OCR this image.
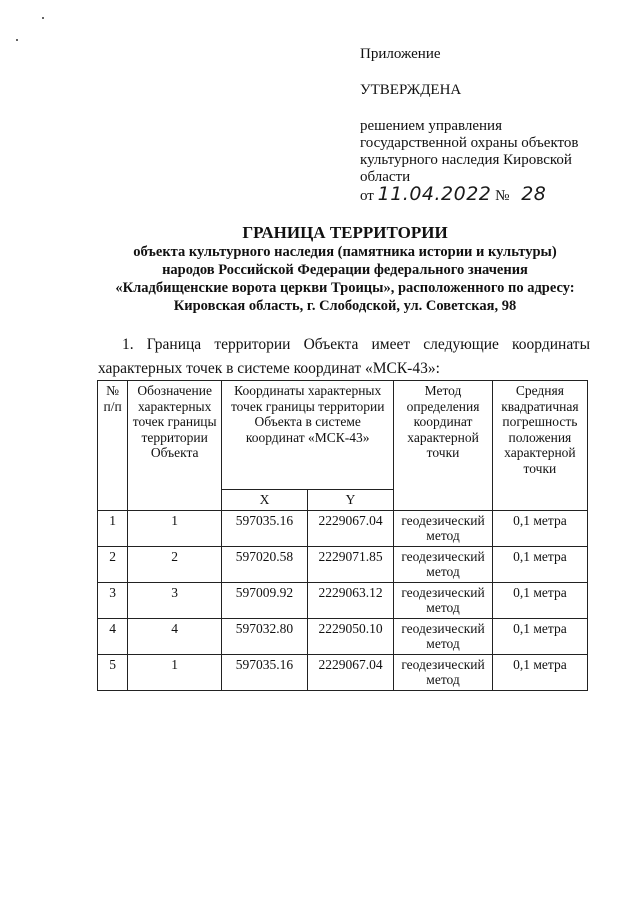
Приложение
УТВЕРЖДЕНА
решением управления государственной охраны объектов культурного наследия Кировской области
от 11.04.2022 № 28
ГРАНИЦА ТЕРРИТОРИИ
объекта культурного наследия (памятника истории и культуры)
народов Российской Федерации федерального значения
«Кладбищенские ворота церкви Троицы», расположенного по адресу:
Кировская область, г. Слободской, ул. Советская, 98
1. Граница территории Объекта имеет следующие координаты характерных точек в системе координат «МСК-43»:
№ п/п	Обозначение характерных точек границы территории Объекта	Координаты характерных точек границы территории Объекта в системе координат «МСК-43»		Метод определения координат характерной точки	Средняя квадратичная погрешность положения характерной точки
		X	Y		
1	1	597035.16	2229067.04	геодезический метод	0,1 метра
2	2	597020.58	2229071.85	геодезический метод	0,1 метра
3	3	597009.92	2229063.12	геодезический метод	0,1 метра
4	4	597032.80	2229050.10	геодезический метод	0,1 метра
5	1	597035.16	2229067.04	геодезический метод	0,1 метра
